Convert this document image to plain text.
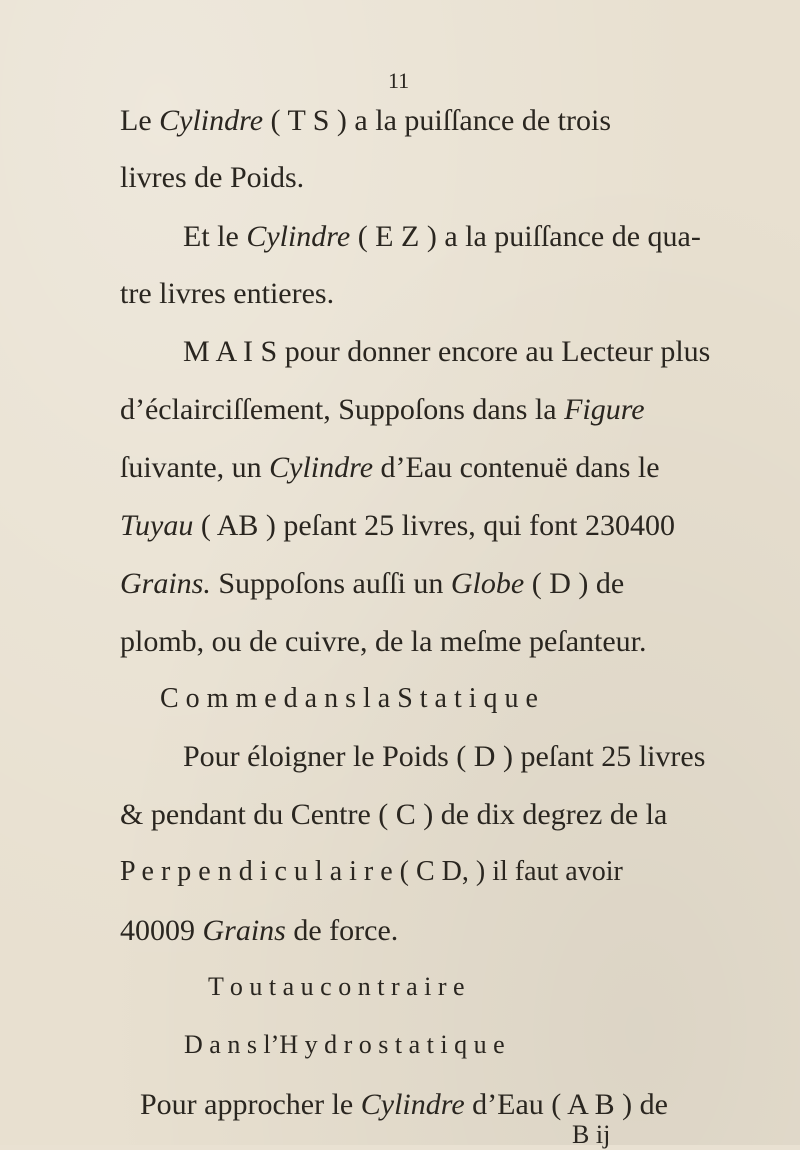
11
Le Cylindre ( T S ) a la puiſſance de trois
livres de Poids.
Et le Cylindre ( E Z ) a la puiſſance de qua-
tre livres entieres.
M A I S pour donner encore au Lecteur plus
d’éclairciſſement, Suppoſons dans la Figure
ſuivante, un Cylindre d’Eau contenuë dans le
Tuyau ( AB ) peſant 25 livres, qui font 230400
Grains. Suppoſons auſſi un Globe ( D ) de
plomb, ou de cuivre, de la meſme peſanteur.
C o m m e d a n s l a S t a t i q u e
Pour éloigner le Poids ( D ) peſant 25 livres
& pendant du Centre ( C ) de dix degrez de la
P e r p e n d i c u l a i r e ( C D, ) il faut avoir
40009 Grains de force.
T o u t a u c o n t r a i r e
D a n s l’H y d r o s t a t i q u e
Pour approcher le Cylindre d’Eau ( A B ) de
B ij
